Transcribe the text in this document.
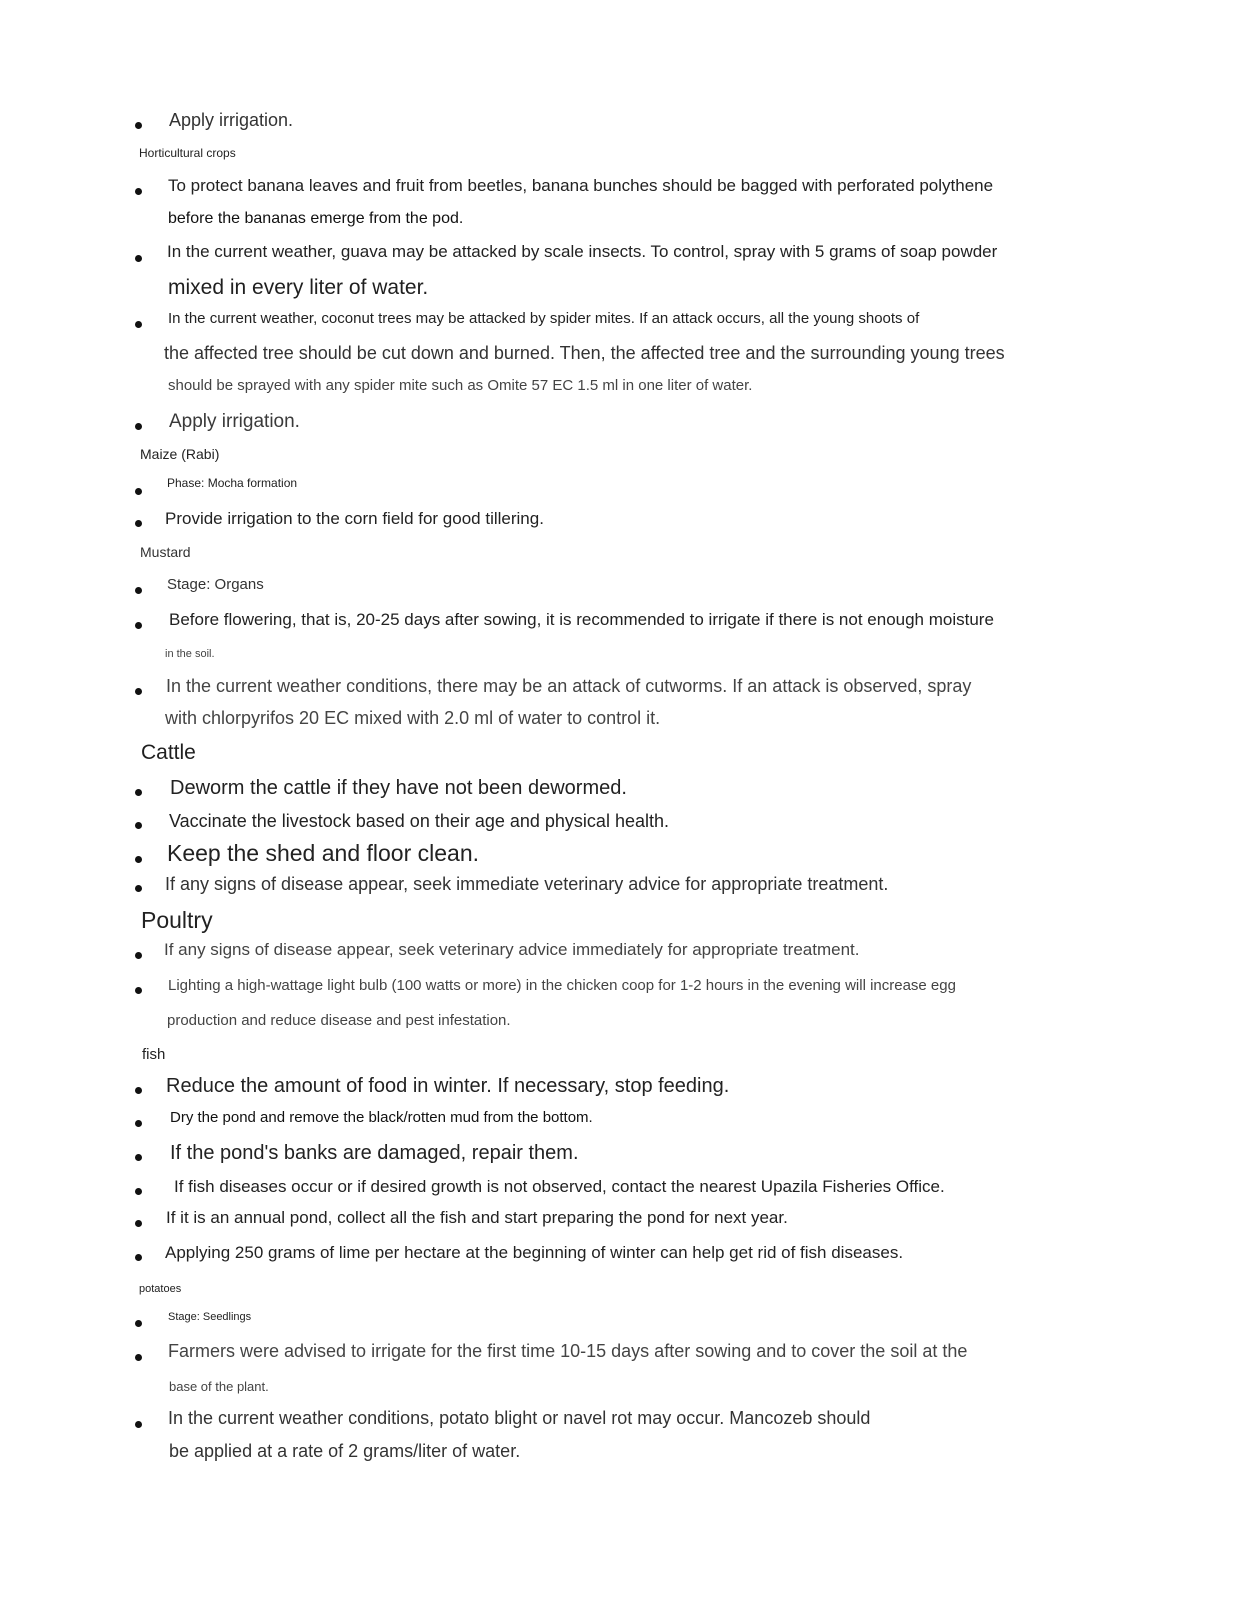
Apply irrigation.
Horticultural crops
To protect banana leaves and fruit from beetles, banana bunches should be bagged with perforated polythene
before the bananas emerge from the pod.
In the current weather, guava may be attacked by scale insects. To control, spray with 5 grams of soap powder
mixed in every liter of water.
In the current weather, coconut trees may be attacked by spider mites. If an attack occurs, all the young shoots of
the affected tree should be cut down and burned. Then, the affected tree and the surrounding young trees
should be sprayed with any spider mite such as Omite 57 EC 1.5 ml in one liter of water.
Apply irrigation.
Maize (Rabi)
Phase: Mocha formation
Provide irrigation to the corn field for good tillering.
Mustard
Stage: Organs
Before flowering, that is, 20-25 days after sowing, it is recommended to irrigate if there is not enough moisture
in the soil.
In the current weather conditions, there may be an attack of cutworms. If an attack is observed, spray
with chlorpyrifos 20 EC mixed with 2.0 ml of water to control it.
Cattle
Deworm the cattle if they have not been dewormed.
Vaccinate the livestock based on their age and physical health.
Keep the shed and floor clean.
If any signs of disease appear, seek immediate veterinary advice for appropriate treatment.
Poultry
If any signs of disease appear, seek veterinary advice immediately for appropriate treatment.
Lighting a high-wattage light bulb (100 watts or more) in the chicken coop for 1-2 hours in the evening will increase egg
production and reduce disease and pest infestation.
fish
Reduce the amount of food in winter. If necessary, stop feeding.
Dry the pond and remove the black/rotten mud from the bottom.
If the pond's banks are damaged, repair them.
If fish diseases occur or if desired growth is not observed, contact the nearest Upazila Fisheries Office.
If it is an annual pond, collect all the fish and start preparing the pond for next year.
Applying 250 grams of lime per hectare at the beginning of winter can help get rid of fish diseases.
potatoes
Stage: Seedlings
Farmers were advised to irrigate for the first time 10-15 days after sowing and to cover the soil at the
base of the plant.
In the current weather conditions, potato blight or navel rot may occur. Mancozeb should
be applied at a rate of 2 grams/liter of water.
